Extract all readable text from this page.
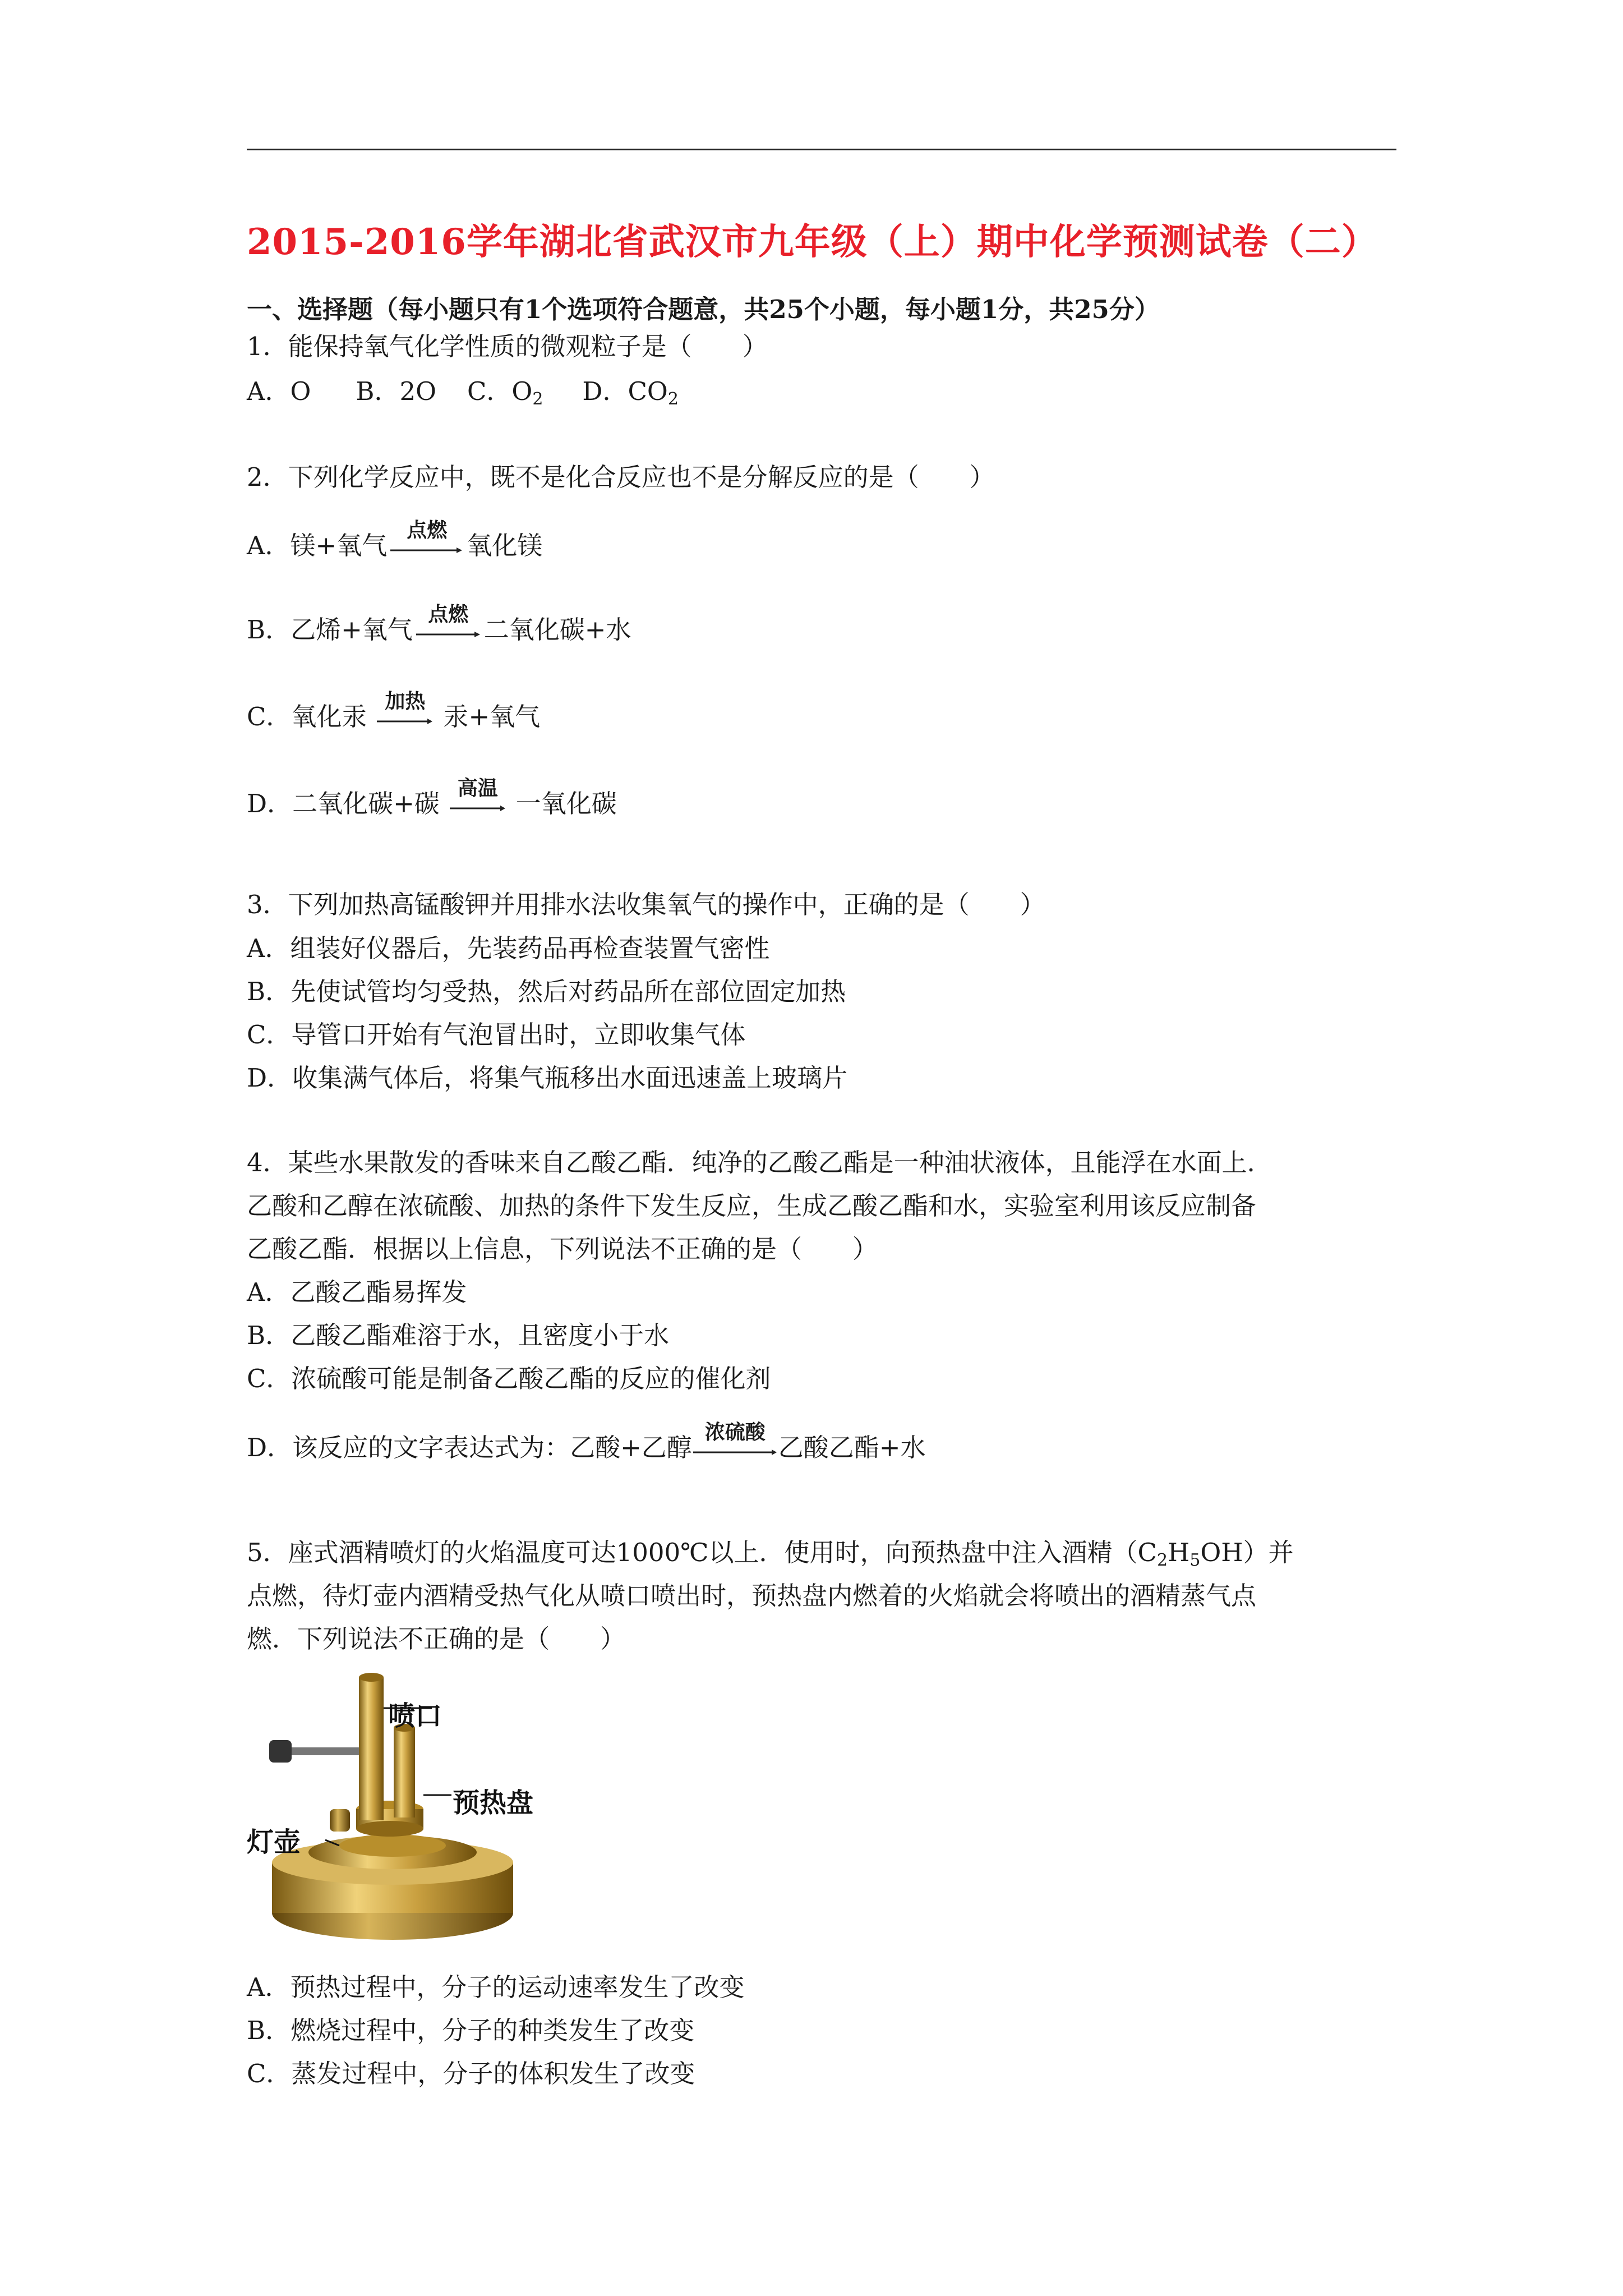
2015-2016学年湖北省武汉市九年级（上）期中化学预测试卷（二）
一、选择题（每小题只有1个选项符合题意，共25个小题，每小题1分，共25分）
1．能保持氧气化学性质的微观粒子是（　　）
A．O B．2O C．$O_2$ D．$CO_2$
2．下列化学反应中，既不是化合反应也不是分解反应的是（　　）
A．镁+氧气
点燃
氧化镁
B．乙烯+氧气
点燃
二氧化碳+水
C．氧化汞
加热
汞+氧气
D．二氧化碳+碳
高温
一氧化碳
3．下列加热高锰酸钾并用排水法收集氧气的操作中，正确的是（　　）
A．组装好仪器后，先装药品再检查装置气密性
B．先使试管均匀受热，然后对药品所在部位固定加热
C．导管口开始有气泡冒出时，立即收集气体
D．收集满气体后，将集气瓶移出水面迅速盖上玻璃片
4．某些水果散发的香味来自乙酸乙酯．纯净的乙酸乙酯是一种油状液体，且能浮在水面上．
乙酸和乙醇在浓硫酸、加热的条件下发生反应，生成乙酸乙酯和水，实验室利用该反应制备
乙酸乙酯．根据以上信息，下列说法不正确的是（　　）
A．乙酸乙酯易挥发
B．乙酸乙酯难溶于水，且密度小于水
C．浓硫酸可能是制备乙酸乙酯的反应的催化剂
D．该反应的文字表达式为：乙酸+乙醇
浓硫酸
乙酸乙酯+水
5．座式酒精喷灯的火焰温度可达1000℃以上．使用时，向预热盘中注入酒精$(C_2H_5OH)$并
点燃，待灯壶内酒精受热气化从喷口喷出时，预热盘内燃着的火焰就会将喷出的酒精蒸气点
燃．下列说法不正确的是（　　）
喷口
预热盘
灯壶
A．预热过程中，分子的运动速率发生了改变
B．燃烧过程中，分子的种类发生了改变
C．蒸发过程中，分子的体积发生了改变
